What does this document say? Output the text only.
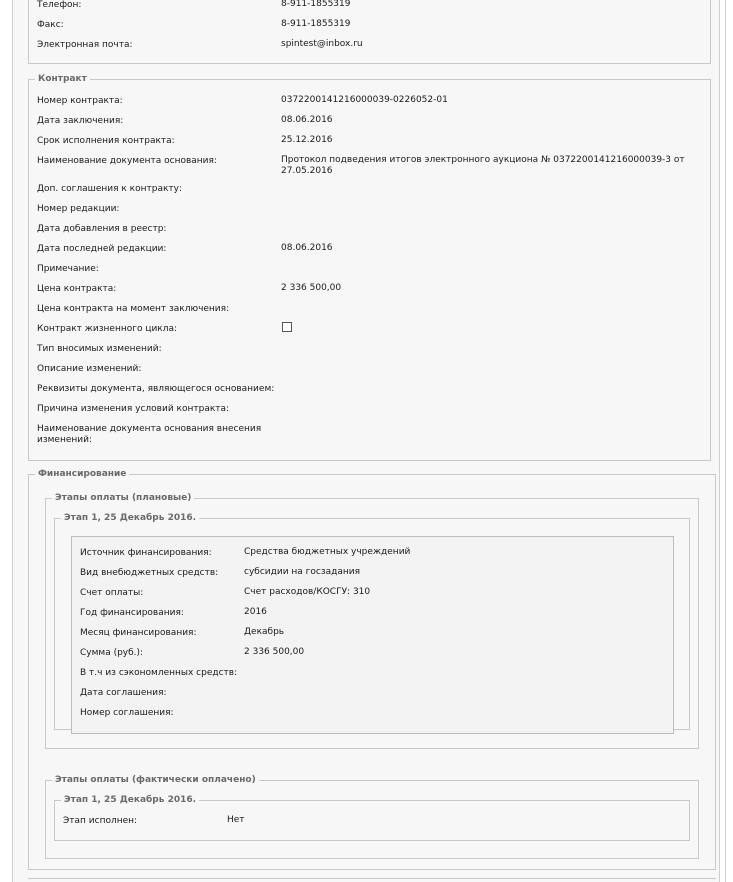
Телефон:	8-911-1855319
Факс:	8-911-1855319
Электронная почта:	spintest@inbox.ru
Контракт
Номер контракта:	0372200141216000039-0226052-01
Дата заключения:	08.06.2016
Срок исполнения контракта:	25.12.2016
Наименование документа основания:	Протокол подведения итогов электронного аукциона № 0372200141216000039-3 от 27.05.2016
Доп. соглашения к контракту:
Номер редакции:
Дата добавления в реестр:
Дата последней редакции:	08.06.2016
Примечание:
Цена контракта:	2 336 500,00
Цена контракта на момент заключения:
Контракт жизненного цикла:
Тип вносимых изменений:
Описание изменений:
Реквизиты документа, являющегося основанием:
Причина изменения условий контракта:
Наименование документа основания внесения изменений:
Финансирование
Этапы оплаты (плановые)
Этап 1, 25 Декабрь 2016.
Источник финансирования:	Средства бюджетных учреждений
Вид внебюджетных средств:	субсидии на госзадания
Счет оплаты:	Счет расходов/КОСГУ: 310
Год финансирования:	2016
Месяц финансирования:	Декабрь
Сумма (руб.):	2 336 500,00
В т.ч из сэкономленных средств:
Дата соглашения:
Номер соглашения:
Этапы оплаты (фактически оплачено)
Этап 1, 25 Декабрь 2016.
Этап исполнен:	Нет
